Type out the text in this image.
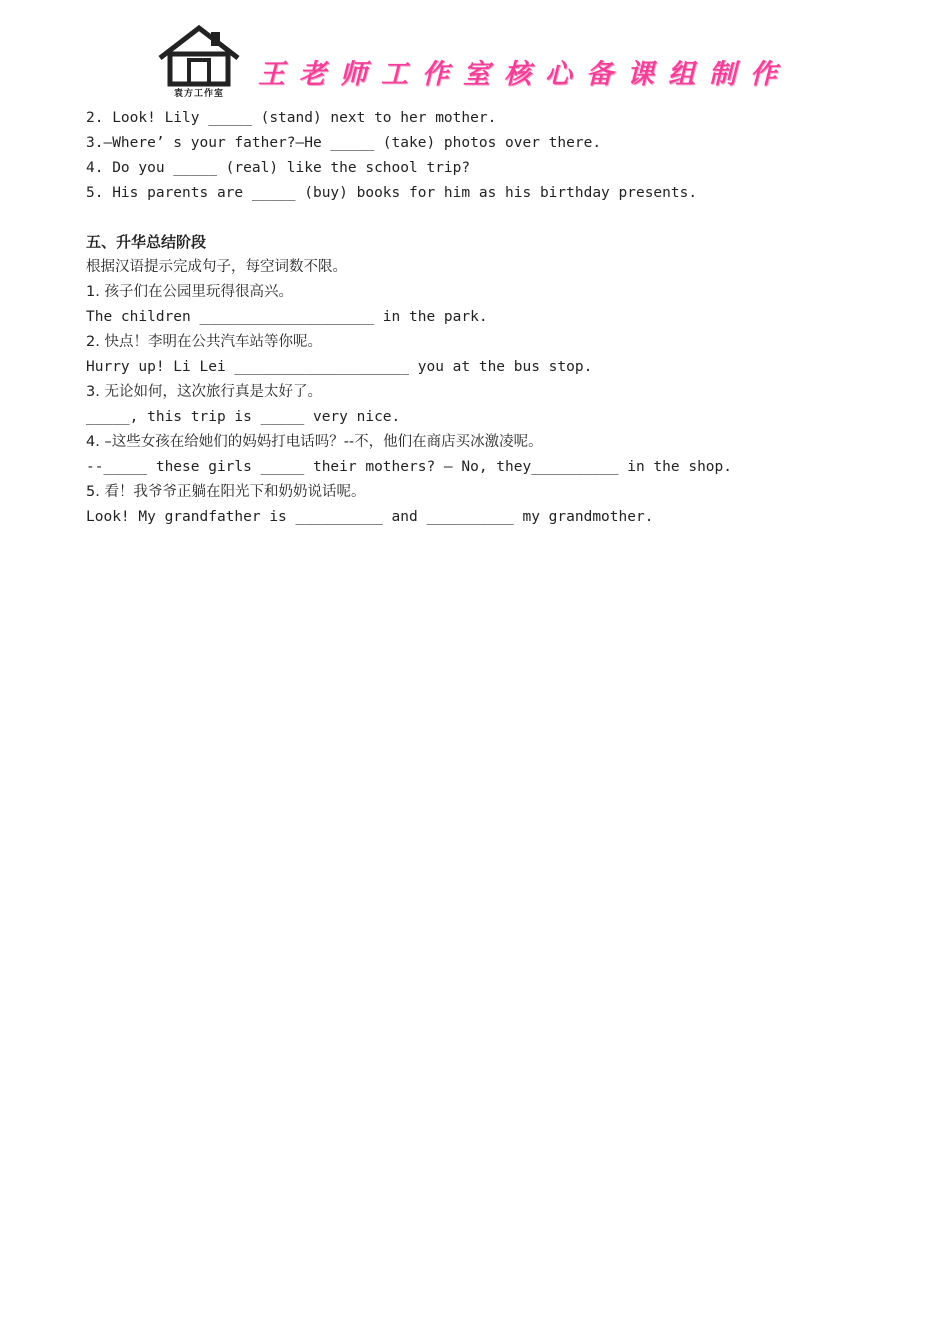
袁方工作室
王老师工作室核心备课组制作
2. Look! Lily _____ (stand) next to her mother.
3.—Where’ s your father?—He _____ (take) photos over there.
4. Do you _____ (real) like the school trip?
5. His parents are _____ (buy) books for him as his birthday presents.
五、升华总结阶段
根据汉语提示完成句子，每空词数不限。
1. 孩子们在公园里玩得很高兴。
The children ____________________ in the park.
2. 快点！李明在公共汽车站等你呢。
Hurry up! Li Lei ____________________ you at the bus stop.
3. 无论如何，这次旅行真是太好了。
_____, this trip is _____ very nice.
4. –这些女孩在给她们的妈妈打电话吗？--不，他们在商店买冰激凌呢。
--_____ these girls _____ their mothers? – No, they__________ in the shop.
5. 看！我爷爷正躺在阳光下和奶奶说话呢。
Look! My grandfather is __________ and __________ my grandmother.
